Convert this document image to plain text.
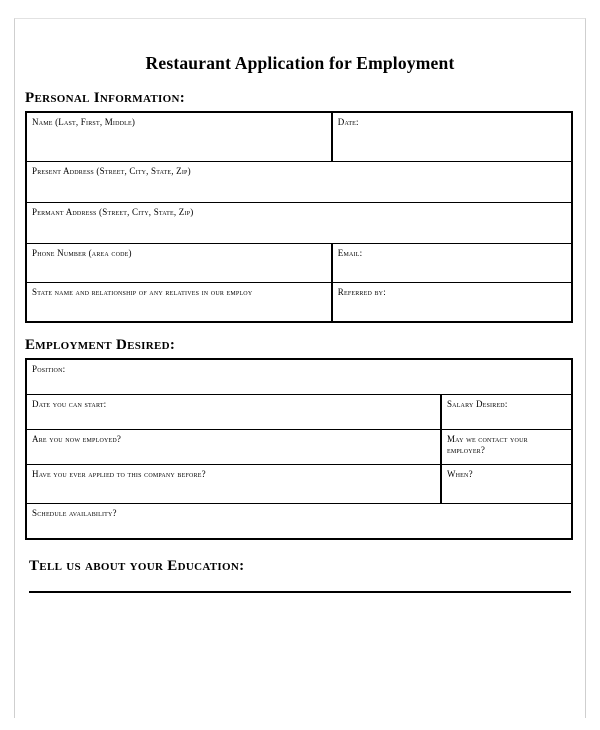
Restaurant Application for Employment
Personal Information:
Name (Last, First, Middle)	Date:

Present Address (Street, City, State, Zip)	

Permant Address (Street, City, State, Zip)	

Phone Number (area code)	Email:

State name and relationship of any relatives in our employ	Referred by:
Employment Desired:
Position:	

Date you can start:	Salary Desired:

Are you now employed?	May we contact your employer?

Have you ever applied to this company before?	When?

Schedule availability?	
Tell us about your Education:
